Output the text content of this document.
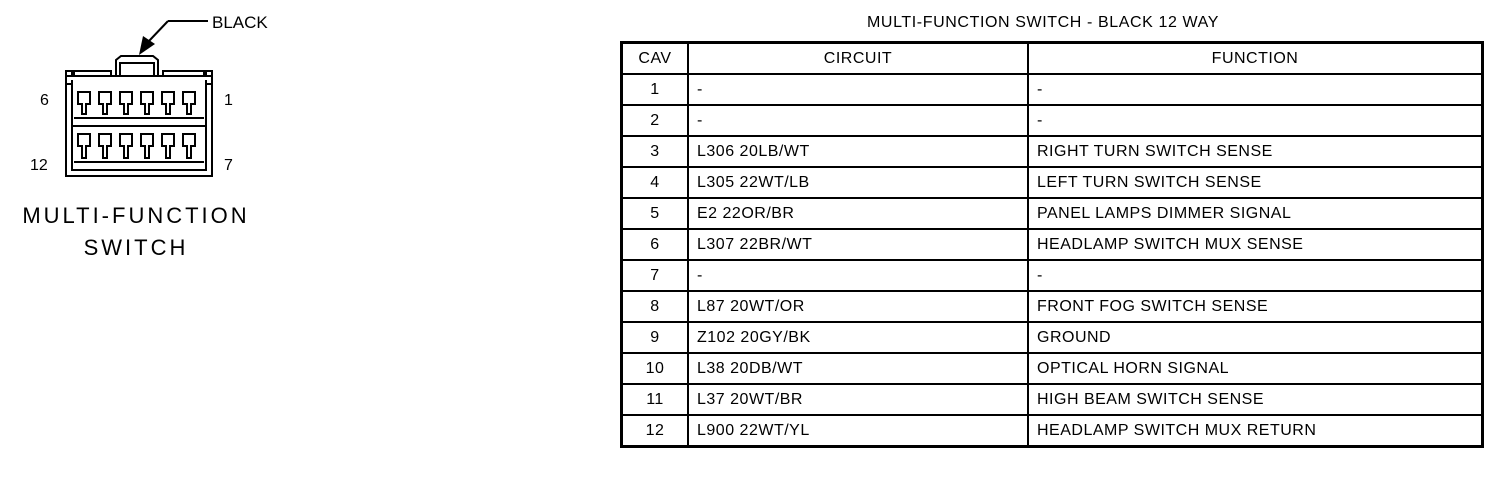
BLACK
6	1
12	7
MULTI-FUNCTION
SWITCH
MULTI-FUNCTION SWITCH - BLACK 12 WAY
CAV	CIRCUIT	FUNCTION
1	-	-
2	-	-
3	L306 20LB/WT	RIGHT TURN SWITCH SENSE
4	L305 22WT/LB	LEFT TURN SWITCH SENSE
5	E2 22OR/BR	PANEL LAMPS DIMMER SIGNAL
6	L307 22BR/WT	HEADLAMP SWITCH MUX SENSE
7	-	-
8	L87 20WT/OR	FRONT FOG SWITCH SENSE
9	Z102 20GY/BK	GROUND
10	L38 20DB/WT	OPTICAL HORN SIGNAL
11	L37 20WT/BR	HIGH BEAM SWITCH SENSE
12	L900 22WT/YL	HEADLAMP SWITCH MUX RETURN
